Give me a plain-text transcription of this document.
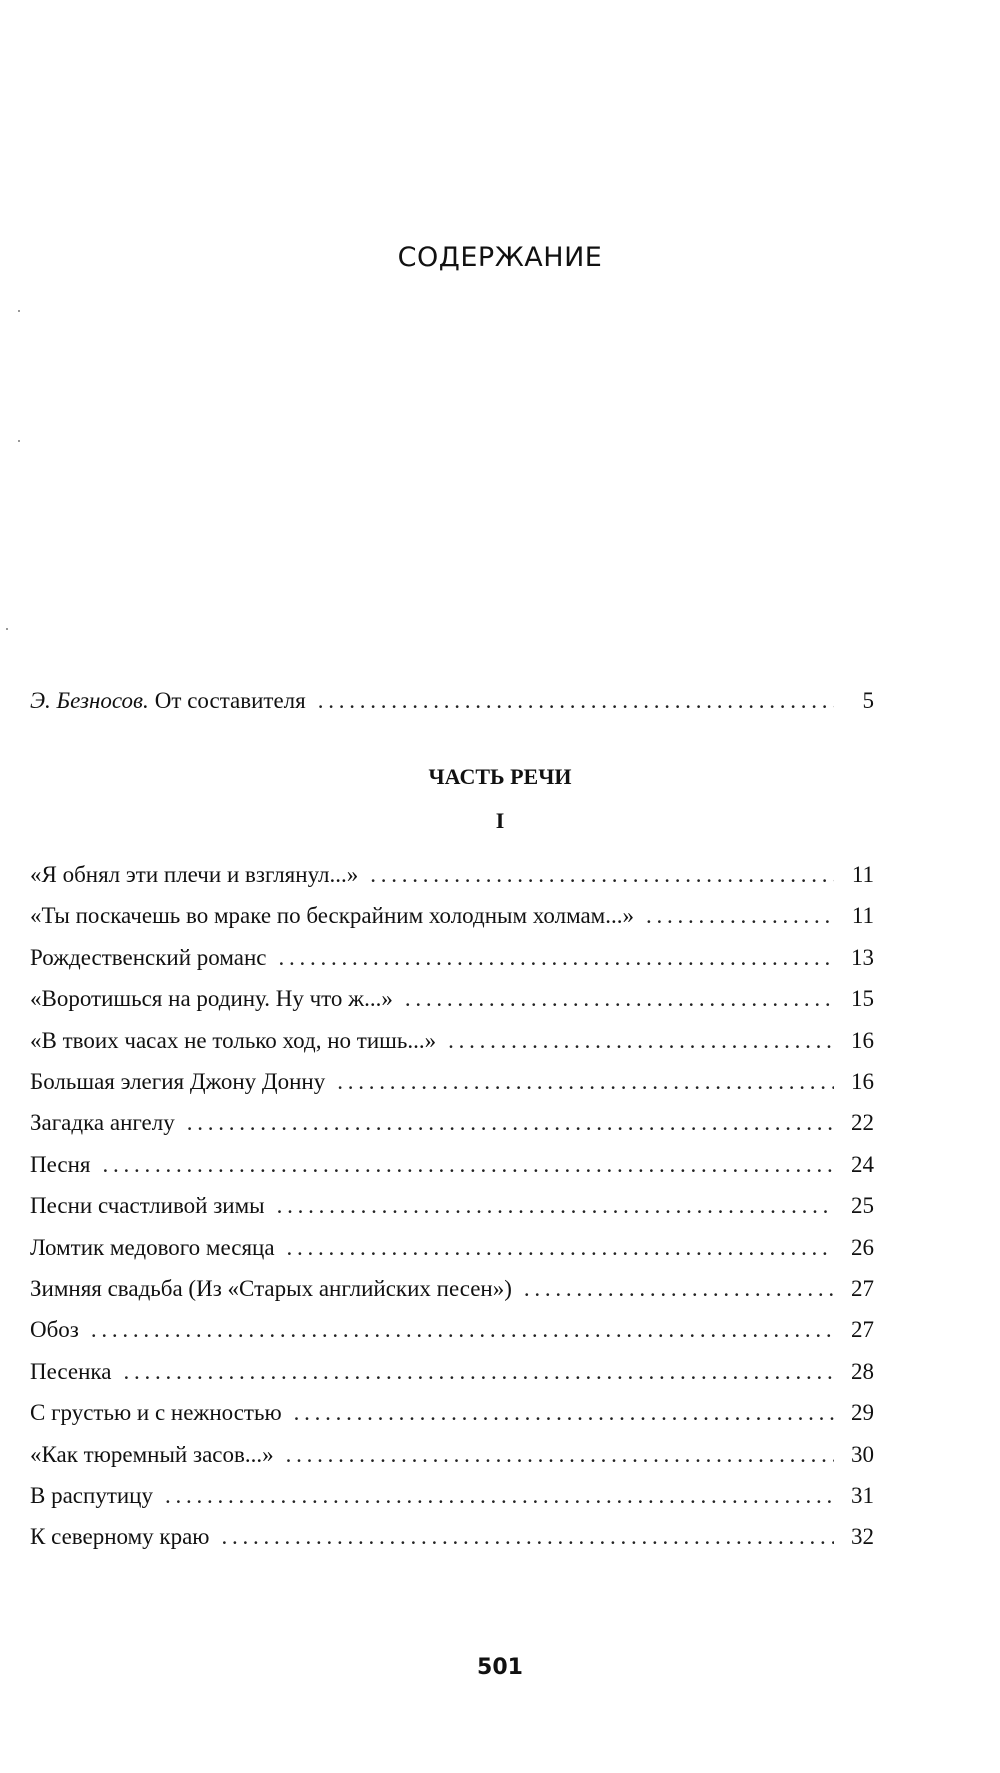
СОДЕРЖАНИЕ
Э. Безносов. От составителя . . .	5
ЧАСТЬ РЕЧИ
I
«Я обнял эти плечи и взглянул...» . . .	11
«Ты поскачешь во мраке по бескрайним холодным холмам...» . . .	11
Рождественский романс . . .	13
«Воротишься на родину. Ну что ж...» . . .	15
«В твоих часах не только ход, но тишь...» . . .	16
Большая элегия Джону Донну . . .	16
Загадка ангелу . . .	22
Песня . . .	24
Песни счастливой зимы . . .	25
Ломтик медового месяца . . .	26
Зимняя свадьба (Из «Старых английских песен») . . .	27
Обоз . . .	27
Песенка . . .	28
С грустью и с нежностью . . .	29
«Как тюремный засов...» . . .	30
В распутицу . . .	31
К северному краю . . .	32
501
